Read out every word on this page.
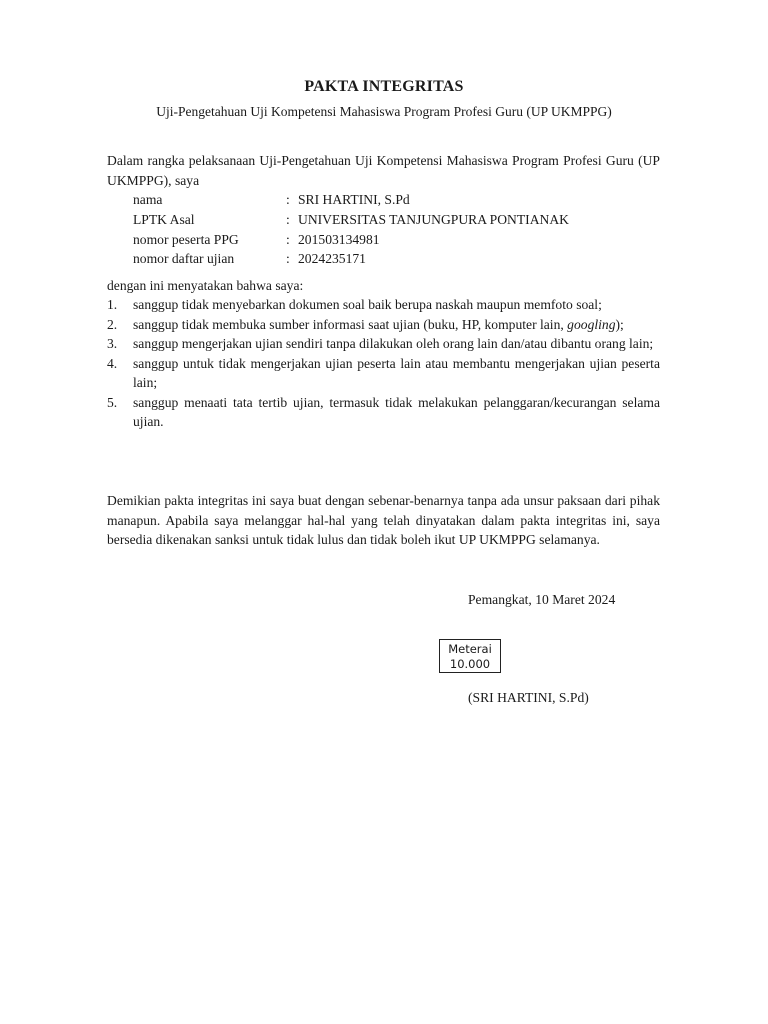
PAKTA INTEGRITAS
Uji-Pengetahuan Uji Kompetensi Mahasiswa Program Profesi Guru (UP UKMPPG)
Dalam rangka pelaksanaan Uji-Pengetahuan Uji Kompetensi Mahasiswa Program Profesi Guru (UP UKMPPG), saya
nama	: SRI HARTINI, S.Pd
LPTK Asal	: UNIVERSITAS TANJUNGPURA PONTIANAK
nomor peserta PPG	: 201503134981
nomor daftar ujian	: 2024235171
dengan ini menyatakan bahwa saya:
1.	sanggup tidak menyebarkan dokumen soal baik berupa naskah maupun memfoto soal;
2.	sanggup tidak membuka sumber informasi saat ujian (buku, HP, komputer lain, googling);
3.	sanggup mengerjakan ujian sendiri tanpa dilakukan oleh orang lain dan/atau dibantu orang lain;
4.	sanggup untuk tidak mengerjakan ujian peserta lain atau membantu mengerjakan ujian peserta lain;
5.	sanggup menaati tata tertib ujian, termasuk tidak melakukan pelanggaran/kecurangan selama ujian.
Demikian pakta integritas ini saya buat dengan sebenar-benarnya tanpa ada unsur paksaan dari pihak manapun. Apabila saya melanggar hal-hal yang telah dinyatakan dalam pakta integritas ini, saya bersedia dikenakan sanksi untuk tidak lulus dan tidak boleh ikut UP UKMPPG selamanya.
Pemangkat, 10 Maret 2024
Meterai
10.000
(SRI HARTINI, S.Pd)
